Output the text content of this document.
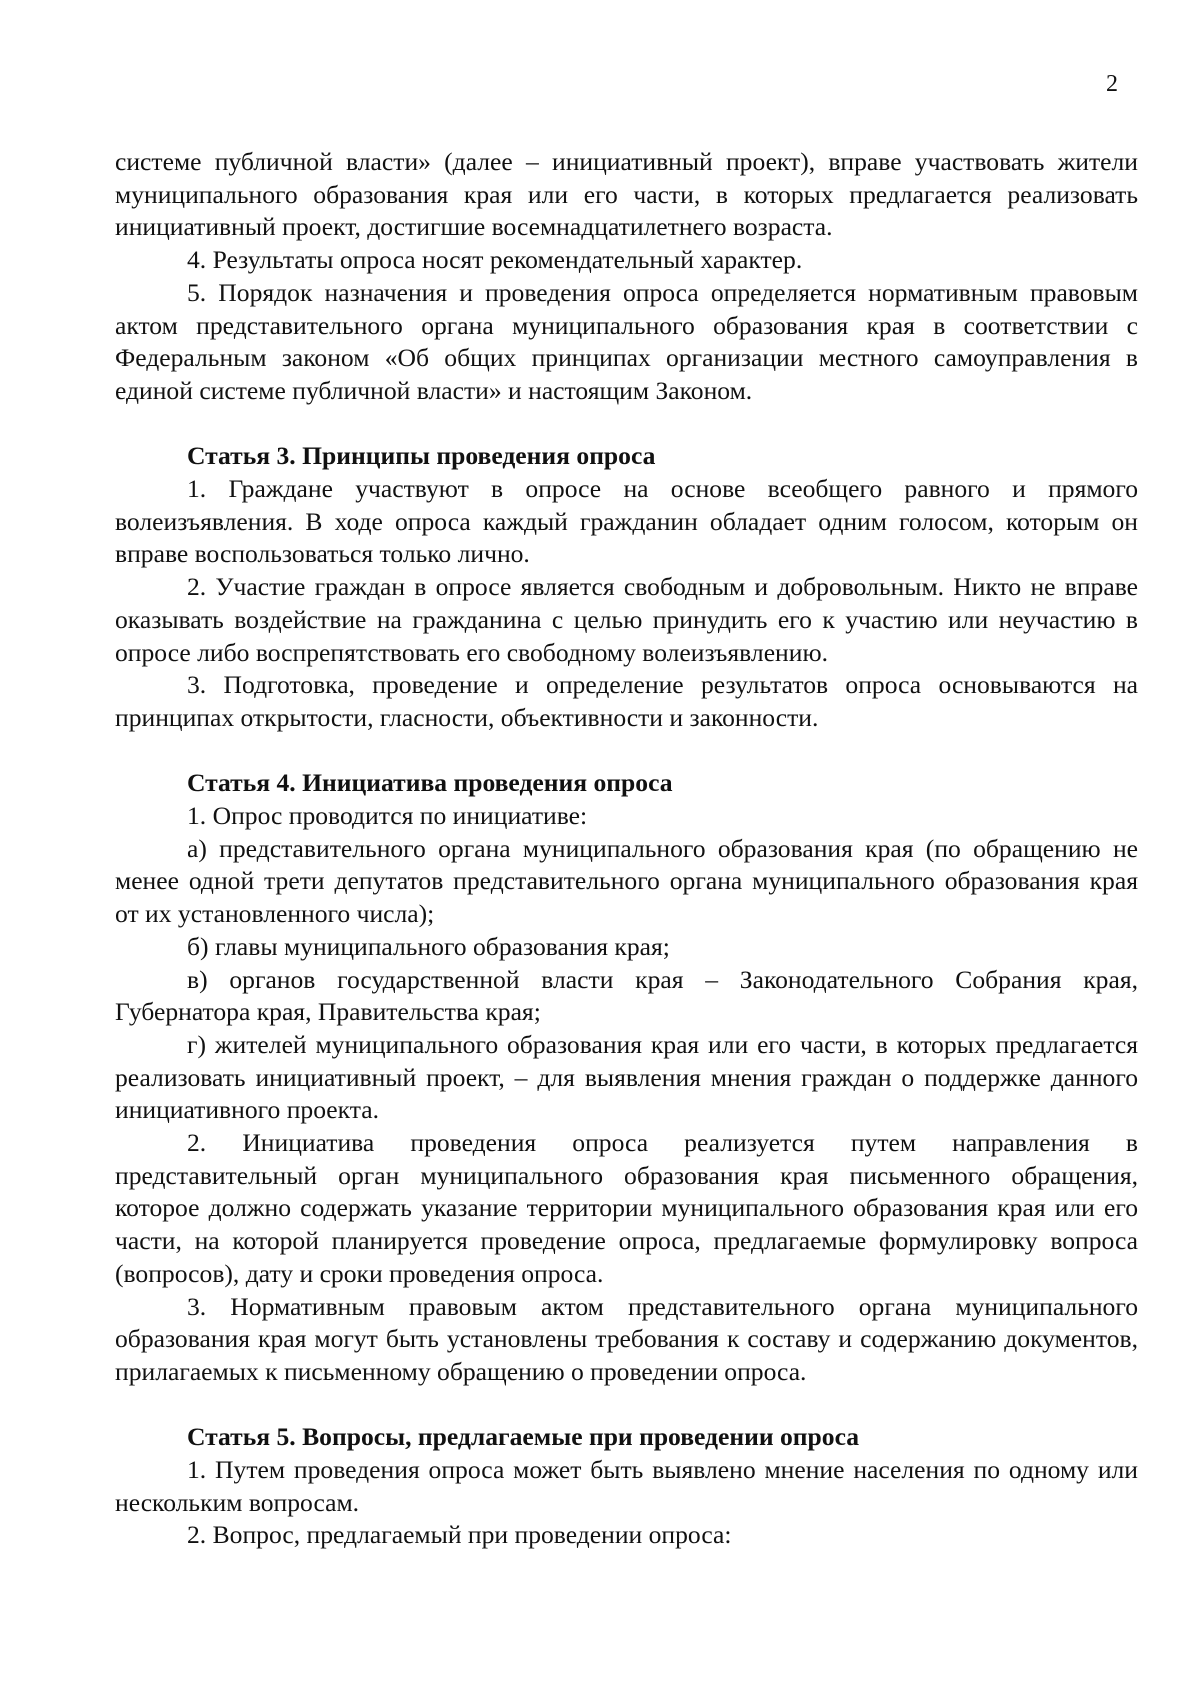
2

системе публичной власти» (далее – инициативный проект), вправе участвовать жители муниципального образования края или его части, в которых предлагается реализовать инициативный проект, достигшие восемнадцатилетнего возраста.

4. Результаты опроса носят рекомендательный характер.

5. Порядок назначения и проведения опроса определяется нормативным правовым актом представительного органа муниципального образования края в соответствии с Федеральным законом «Об общих принципах организации местного самоуправления в единой системе публичной власти» и настоящим Законом.

Статья 3. Принципы проведения опроса

1. Граждане участвуют в опросе на основе всеобщего равного и прямого волеизъявления. В ходе опроса каждый гражданин обладает одним голосом, которым он вправе воспользоваться только лично.

2. Участие граждан в опросе является свободным и добровольным. Никто не вправе оказывать воздействие на гражданина с целью принудить его к участию или неучастию в опросе либо воспрепятствовать его свободному волеизъявлению.

3. Подготовка, проведение и определение результатов опроса основываются на принципах открытости, гласности, объективности и законности.

Статья 4. Инициатива проведения опроса

1. Опрос проводится по инициативе:

а) представительного органа муниципального образования края (по обращению не менее одной трети депутатов представительного органа муниципального образования края от их установленного числа);

б) главы муниципального образования края;

в) органов государственной власти края – Законодательного Собрания края, Губернатора края, Правительства края;

г) жителей муниципального образования края или его части, в которых предлагается реализовать инициативный проект, – для выявления мнения граждан о поддержке данного инициативного проекта.

2. Инициатива проведения опроса реализуется путем направления в представительный орган муниципального образования края письменного обращения, которое должно содержать указание территории муниципального образования края или его части, на которой планируется проведение опроса, предлагаемые формулировку вопроса (вопросов), дату и сроки проведения опроса.

3. Нормативным правовым актом представительного органа муниципального образования края могут быть установлены требования к составу и содержанию документов, прилагаемых к письменному обращению о проведении опроса.

Статья 5. Вопросы, предлагаемые при проведении опроса

1. Путем проведения опроса может быть выявлено мнение населения по одному или нескольким вопросам.

2. Вопрос, предлагаемый при проведении опроса:
